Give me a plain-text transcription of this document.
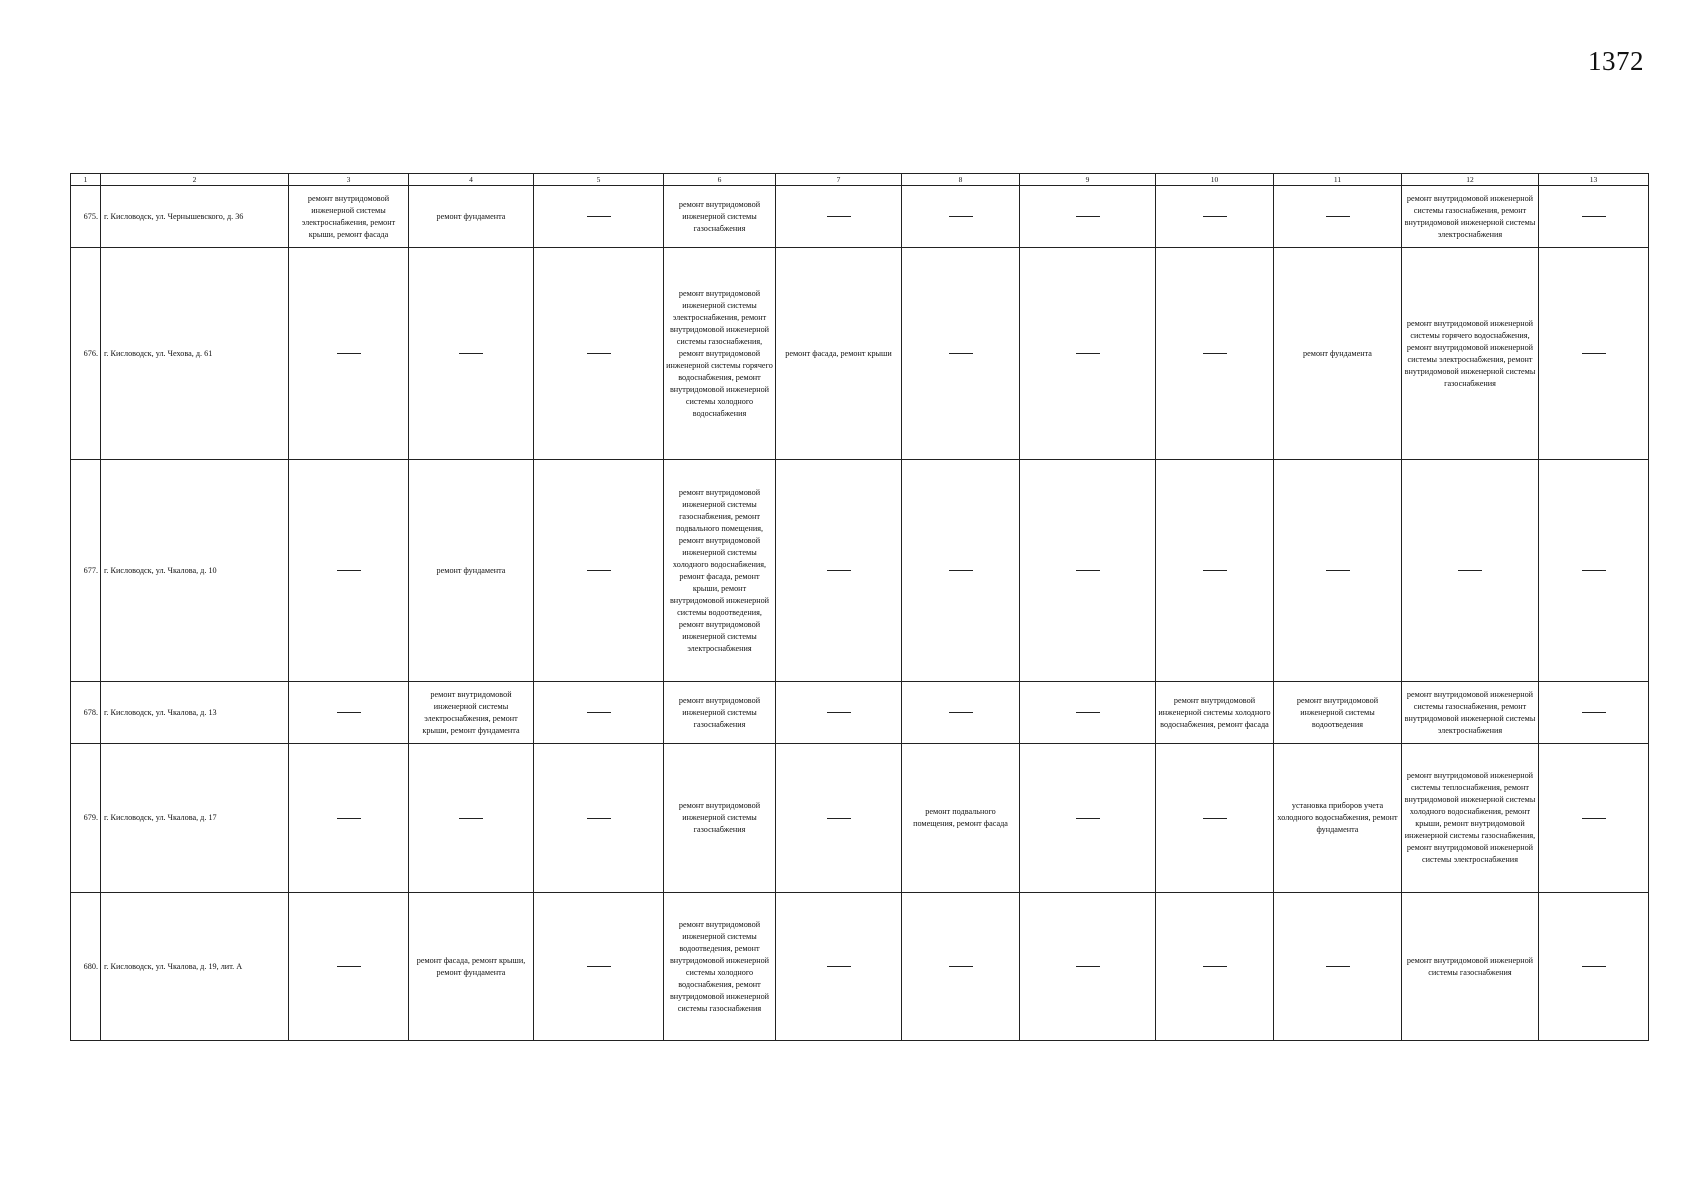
1372
1	2	3	4	5	6	7	8	9	10	11	12	13
675.	г. Кисловодск, ул. Чернышевского, д. 36	ремонт внутридомовой инженерной системы электроснабжения, ремонт крыши, ремонт фасада	ремонт фундамента		ремонт внутридомовой инженерной системы газоснабжения						ремонт внутридомовой инженерной системы газоснабжения, ремонт внутридомовой инженерной системы электроснабжения	
676.	г. Кисловодск, ул. Чехова, д. 61				ремонт внутридомовой инженерной системы электроснабжения, ремонт внутридомовой инженерной системы газоснабжения, ремонт внутридомовой инженерной системы горячего водоснабжения, ремонт внутридомовой инженерной системы холодного водоснабжения	ремонт фасада, ремонт крыши				ремонт фундамента	ремонт внутридомовой инженерной системы горячего водоснабжения, ремонт внутридомовой инженерной системы электроснабжения, ремонт внутридомовой инженерной системы газоснабжения	
677.	г. Кисловодск, ул. Чкалова, д. 10		ремонт фундамента		ремонт внутридомовой инженерной системы газоснабжения, ремонт подвального помещения, ремонт внутридомовой инженерной системы холодного водоснабжения, ремонт фасада, ремонт крыши, ремонт внутридомовой инженерной системы водоотведения, ремонт внутридомовой инженерной системы электроснабжения							
678.	г. Кисловодск, ул. Чкалова, д. 13		ремонт внутридомовой инженерной системы электроснабжения, ремонт крыши, ремонт фундамента		ремонт внутридомовой инженерной системы газоснабжения				ремонт внутридомовой инженерной системы холодного водоснабжения, ремонт фасада	ремонт внутридомовой инженерной системы водоотведения	ремонт внутридомовой инженерной системы газоснабжения, ремонт внутридомовой инженерной системы электроснабжения	
679.	г. Кисловодск, ул. Чкалова, д. 17				ремонт внутридомовой инженерной системы газоснабжения		ремонт подвального помещения, ремонт фасада			установка приборов учета холодного водоснабжения, ремонт фундамента	ремонт внутридомовой инженерной системы теплоснабжения, ремонт внутридомовой инженерной системы холодного водоснабжения, ремонт крыши, ремонт внутридомовой инженерной системы газоснабжения, ремонт внутридомовой инженерной системы электроснабжения	
680.	г. Кисловодск, ул. Чкалова, д. 19, лит. А		ремонт фасада, ремонт крыши, ремонт фундамента		ремонт внутридомовой инженерной системы водоотведения, ремонт внутридомовой инженерной системы холодного водоснабжения, ремонт внутридомовой инженерной системы газоснабжения						ремонт внутридомовой инженерной системы газоснабжения	
